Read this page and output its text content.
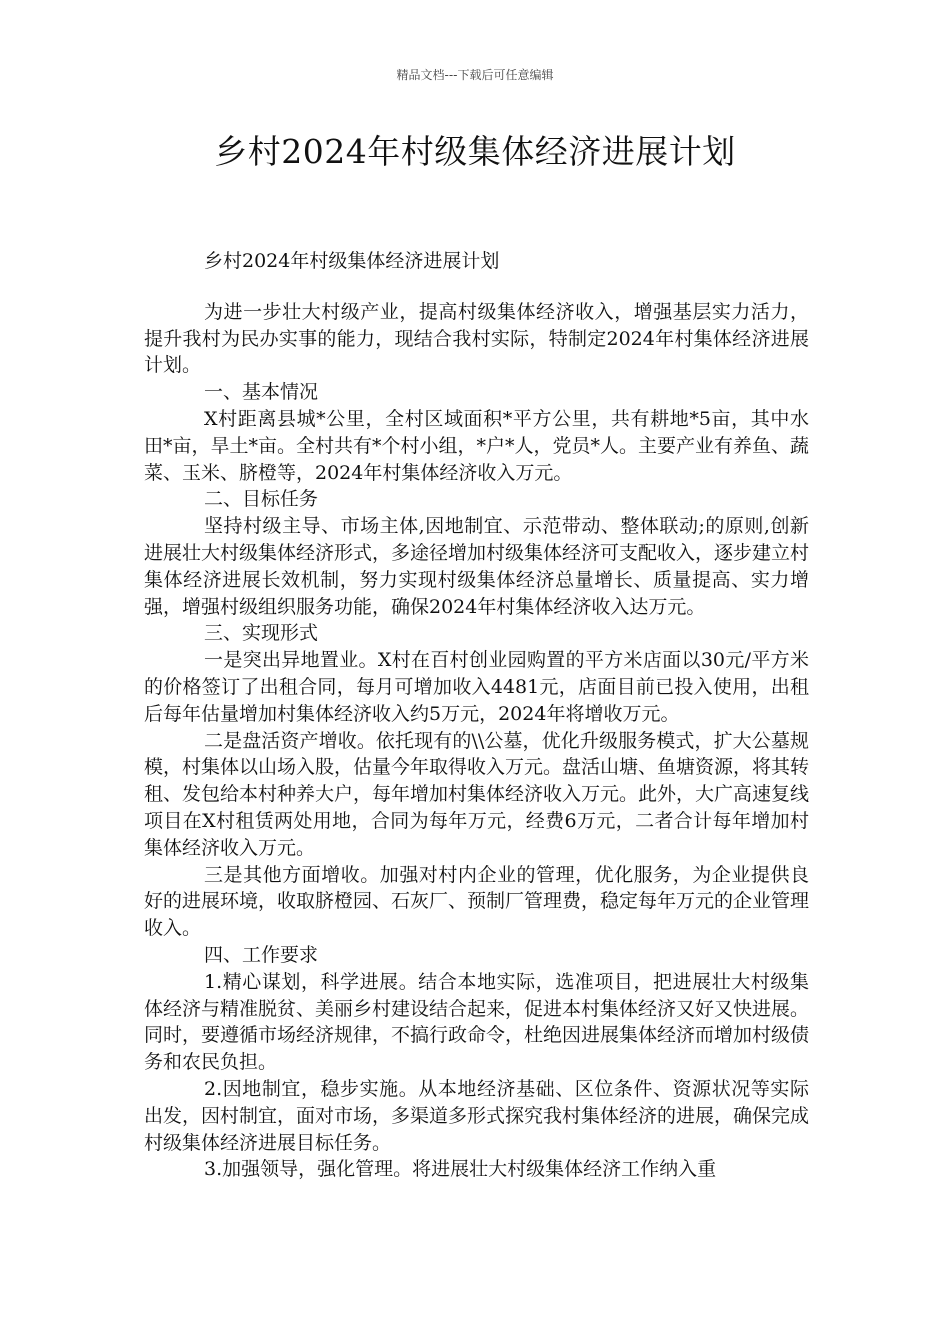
精品文档---下载后可任意编辑
乡村2024年村级集体经济进展计划

乡村2024年村级集体经济进展计划

为进一步壮大村级产业，提高村级集体经济收入，增强基层实力活力，提升我村为民办实事的能力，现结合我村实际，特制定2024年村集体经济进展计划。

一、基本情况

X村距离县城*公里，全村区域面积*平方公里，共有耕地*5亩，其中水田*亩，旱土*亩。全村共有*个村小组，*户*人，党员*人。主要产业有养鱼、蔬菜、玉米、脐橙等，2024年村集体经济收入万元。

二、目标任务

坚持村级主导、市场主体,因地制宜、示范带动、整体联动;的原则,创新进展壮大村级集体经济形式，多途径增加村级集体经济可支配收入，逐步建立村集体经济进展长效机制，努力实现村级集体经济总量增长、质量提高、实力增强，增强村级组织服务功能，确保2024年村集体经济收入达万元。

三、实现形式

一是突出异地置业。X村在百村创业园购置的平方米店面以30元/平方米的价格签订了出租合同，每月可增加收入4481元，店面目前已投入使用，出租后每年估量增加村集体经济收入约5万元，2024年将增收万元。

二是盘活资产增收。依托现有的\\公墓，优化升级服务模式，扩大公墓规模，村集体以山场入股，估量今年取得收入万元。盘活山塘、鱼塘资源，将其转租、发包给本村种养大户，每年增加村集体经济收入万元。此外，大广高速复线项目在X村租赁两处用地，合同为每年万元，经费6万元，二者合计每年增加村集体经济收入万元。

三是其他方面增收。加强对村内企业的管理，优化服务，为企业提供良好的进展环境，收取脐橙园、石灰厂、预制厂管理费，稳定每年万元的企业管理收入。

四、工作要求

1.精心谋划，科学进展。结合本地实际，选准项目，把进展壮大村级集体经济与精准脱贫、美丽乡村建设结合起来，促进本村集体经济又好又快进展。同时，要遵循市场经济规律，不搞行政命令，杜绝因进展集体经济而增加村级债务和农民负担。

2.因地制宜，稳步实施。从本地经济基础、区位条件、资源状况等实际出发，因村制宜，面对市场，多渠道多形式探究我村集体经济的进展，确保完成村级集体经济进展目标任务。

3.加强领导，强化管理。将进展壮大村级集体经济工作纳入重
